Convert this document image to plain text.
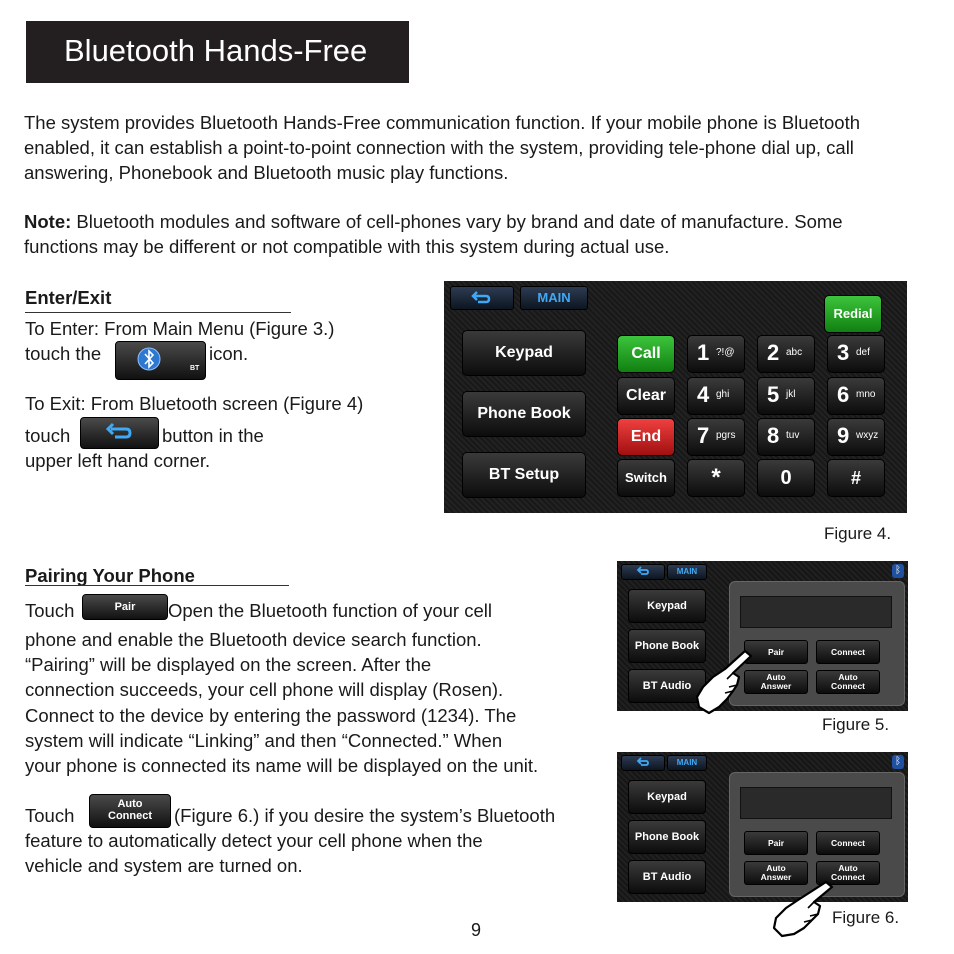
Bluetooth Hands-Free
The system provides Bluetooth Hands-Free communication function. If your mobile phone is Bluetooth enabled, it can establish a point-to-point connection with the system, providing tele-phone dial up, call answering, Phonebook and Bluetooth music play functions.
Note: Bluetooth modules and software of cell-phones vary by brand and date of manufacture. Some functions may be different or not compatible with this system during actual use.
Enter/Exit
To Enter: From Main Menu (Figure 3.)
touch the
BT
icon.
To Exit: From Bluetooth screen (Figure 4)
touch	button in the
upper left hand corner.
MAIN
Keypad
Phone Book
BT Setup
Redial
Call
Clear
End
Switch
1 ?!@ 2 abc 3 def
4 ghi 5 jkl 6 mno
7 pgrs 8 tuv 9 wxyz
*	0	#
Figure 4.
Pairing Your Phone
Touch	Pair	Open the Bluetooth function of your cell
phone and enable the Bluetooth device search function.
“Pairing” will be displayed on the screen. After the
connection succeeds, your cell phone will display (Rosen).
Connect to the device by entering the password (1234). The
system will indicate “Linking” and then “Connected.” When
your phone is connected its name will be displayed on the unit.
Touch
Auto
Connect	(Figure 6.) if you desire the system’s Bluetooth
feature to automatically detect your cell phone when the
vehicle and system are turned on.
MAIN	ᛒ
Keypad
Phone Book
BT Audio
Pair	Connect
Auto
Answer
Auto
Connect
Figure 5.
MAIN	ᛒ
Keypad
Phone Book
BT Audio
Pair	Connect
Auto
Answer
Auto
Connect
Figure 6.
9
